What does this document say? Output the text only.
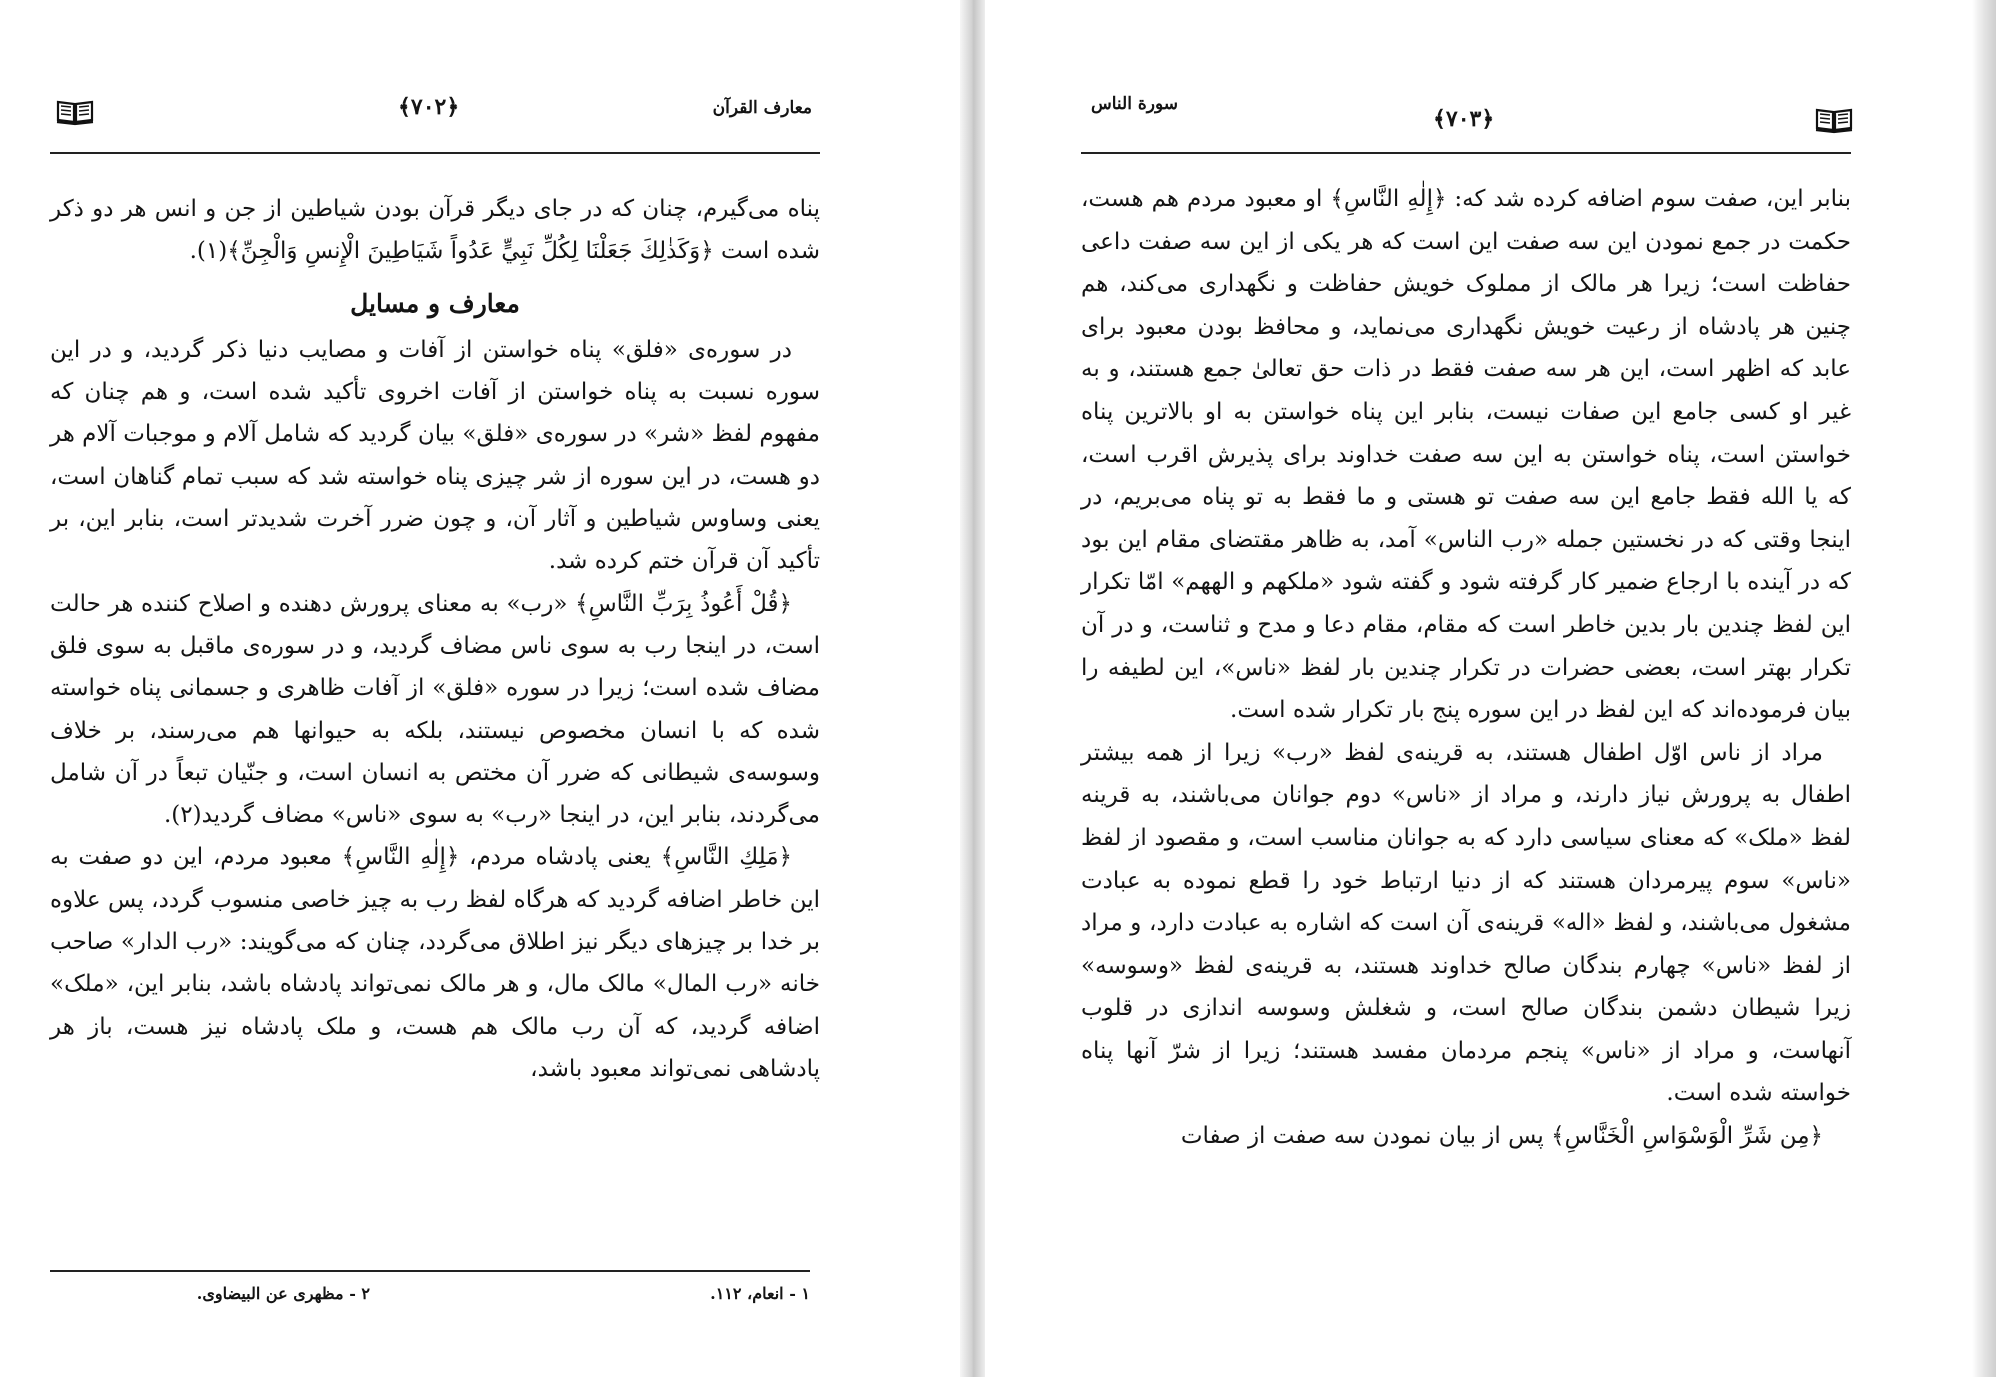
﴿۷۰۲﴾	معارف القرآن

پناه می‌گیرم، چنان که در جای دیگر قرآن بودن شیاطین از جن و انس هر دو ذکر شده است ﴿وَكَذٰلِكَ جَعَلْنَا لِكُلِّ نَبِيٍّ عَدُواً شَيَاطِينَ الْإِنسِ وَالْجِنِّ﴾(۱).

معارف و مسایل

در سوره‌ی «فلق» پناه خواستن از آفات و مصایب دنیا ذکر گردید، و در این سوره نسبت به پناه خواستن از آفات اخروی تأکید شده است، و هم چنان که مفهوم لفظ «شر» در سوره‌ی «فلق» بیان گردید که شامل آلام و موجبات آلام هر دو هست، در این سوره از شر چیزی پناه خواسته شد که سبب تمام گناهان است، یعنی وساوس شیاطین و آثار آن، و چون ضرر آخرت شدیدتر است، بنابر این، بر تأکید آن قرآن ختم کرده شد.

﴿قُلْ أَعُوذُ بِرَبِّ النَّاسِ﴾ «رب» به معنای پرورش دهنده و اصلاح کننده هر حالت است، در اینجا رب به سوی ناس مضاف گردید، و در سوره‌ی ماقبل به سوی فلق مضاف شده است؛ زیرا در سوره «فلق» از آفات ظاهری و جسمانی پناه خواسته شده که با انسان مخصوص نیستند، بلکه به حیوانها هم می‌رسند، بر خلاف وسوسه‌ی شیطانی که ضرر آن مختص به انسان است، و جنّیان تبعاً در آن شامل می‌گردند، بنابر این، در اینجا «رب» به سوی «ناس» مضاف گردید(۲).

﴿مَلِكِ النَّاسِ﴾ یعنی پادشاه مردم، ﴿إِلٰهِ النَّاسِ﴾ معبود مردم، این دو صفت به این خاطر اضافه گردید که هرگاه لفظ رب به چیز خاصی منسوب گردد، پس علاوه بر خدا بر چیزهای دیگر نیز اطلاق می‌گردد، چنان که می‌گویند: «رب الدار» صاحب خانه «رب المال» مالک مال، و هر مالک نمی‌تواند پادشاه باشد، بنابر این، «ملک» اضافه گردید، که آن رب مالک هم هست، و ملک پادشاه نیز هست، باز هر پادشاهی نمی‌تواند معبود باشد،

۱ - انعام، ۱۱۲.
۲ - مظهری عن البیضاوی.
سورة الناس
﴿۷۰۳﴾

بنابر این، صفت سوم اضافه کرده شد که: ﴿إِلٰهِ النَّاسِ﴾ او معبود مردم هم هست، حکمت در جمع نمودن این سه صفت این است که هر یکی از این سه صفت داعی حفاظت است؛ زیرا هر مالک از مملوک خویش حفاظت و نگهداری می‌کند، هم چنین هر پادشاه از رعیت خویش نگهداری می‌نماید، و محافظ بودن معبود برای عابد که اظهر است، این هر سه صفت فقط در ذات حق تعالیٰ جمع هستند، و به غیر او کسی جامع این صفات نیست، بنابر این پناه خواستن به او بالاترین پناه خواستن است، پناه خواستن به این سه صفت خداوند برای پذیرش اقرب است، که یا الله فقط جامع این سه صفت تو هستی و ما فقط به تو پناه می‌بریم، در اینجا وقتی که در نخستین جمله «رب الناس» آمد، به ظاهر مقتضای مقام این بود که در آینده با ارجاع ضمیر کار گرفته شود و گفته شود «ملکهم و الههم» امّا تکرار این لفظ چندین بار بدین خاطر است که مقام، مقام دعا و مدح و ثناست، و در آن تکرار بهتر است، بعضی حضرات در تکرار چندین بار لفظ «ناس»، این لطیفه را بیان فرموده‌اند که این لفظ در این سوره پنج بار تکرار شده است.

مراد از ناس اوّل اطفال هستند، به قرینه‌ی لفظ «رب» زیرا از همه بیشتر اطفال به پرورش نیاز دارند، و مراد از «ناس» دوم جوانان می‌باشند، به قرینه لفظ «ملک» که معنای سیاسی دارد که به جوانان مناسب است، و مقصود از لفظ «ناس» سوم پیرمردان هستند که از دنیا ارتباط خود را قطع نموده به عبادت مشغول می‌باشند، و لفظ «اله» قرینه‌ی آن است که اشاره به عبادت دارد، و مراد از لفظ «ناس» چهارم بندگان صالح خداوند هستند، به قرینه‌ی لفظ «وسوسه» زیرا شیطان دشمن بندگان صالح است، و شغلش وسوسه اندازی در قلوب آنهاست، و مراد از «ناس» پنجم مردمان مفسد هستند؛ زیرا از شرّ آنها پناه خواسته شده است.

﴿مِن شَرِّ الْوَسْوَاسِ الْخَنَّاسِ﴾ پس از بیان نمودن سه صفت از صفات
